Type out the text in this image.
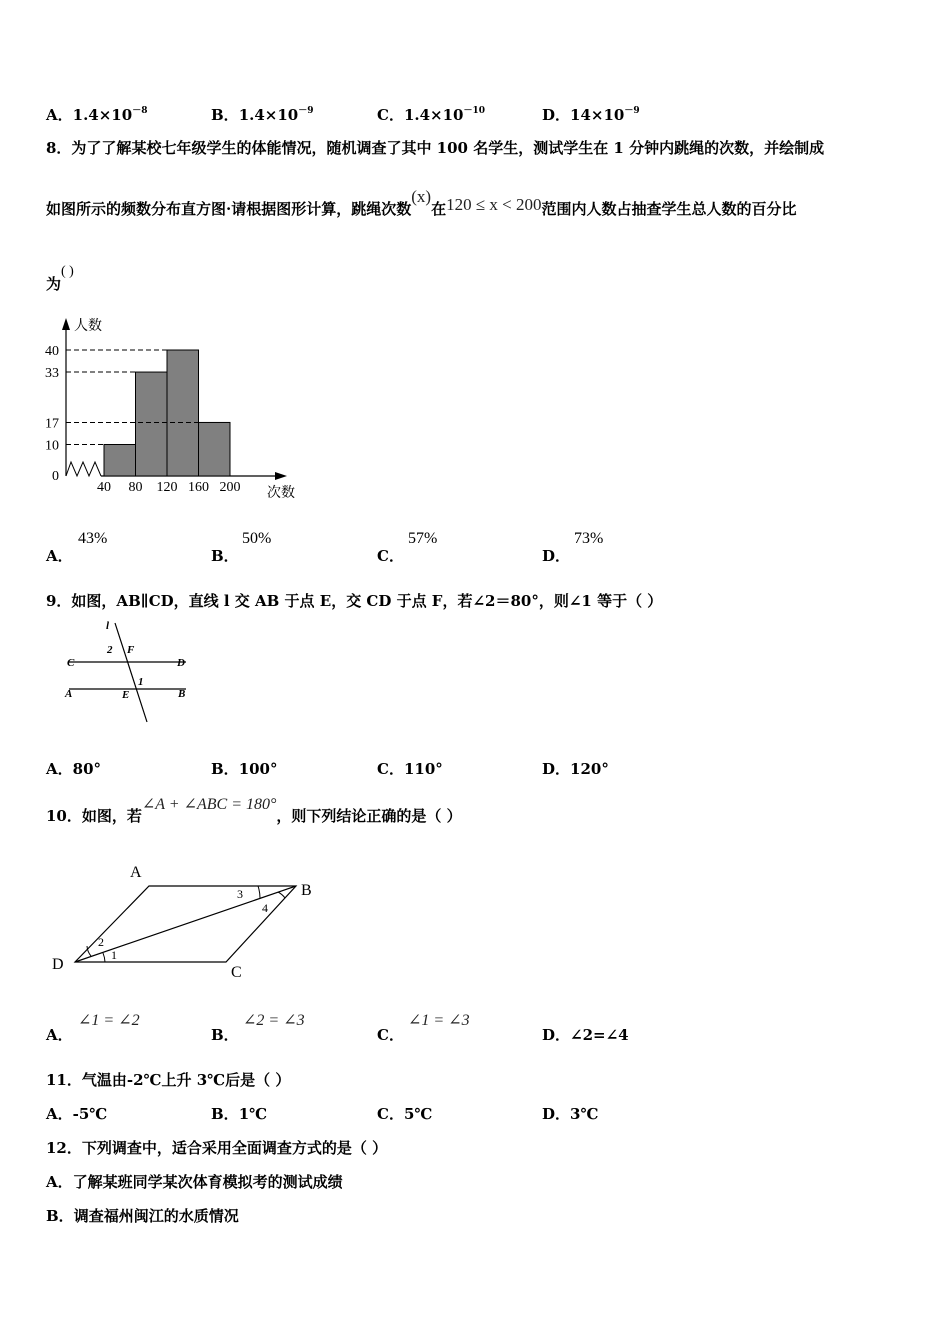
A．$1.4\times 10^{-8}$	B．$1.4\times 10^{-9}$	C．$1.4\times 10^{-10}$	D．$14\times 10^{-9}$
8．为了了解某校七年级学生的体能情况，随机调查了其中 100 名学生，测试学生在 1 分钟内跳绳的次数，并绘制成
如图所示的频数分布直方图·请根据图形计算，跳绳次数(x)在120 ≤ x < 200范围内人数占抽查学生总人数的百分比
为( )
人数
次数
0
10
17
33
40
40 80 120 160 200
A．
43%
B．
50%
C．
57%
D．
73%
9．如图，AB∥CD，直线 l 交 AB 于点 E，交 CD 于点 F，若∠2＝80°，则∠1 等于（ ）
l
2 F
C	D
1
A	E	B
A．80°	B．100°	C．110°	D．120°
10．如图，若∠A + ∠ABC = 180°，则下列结论正确的是（ ）
A
B
C
D
3
4
2
1
A．
∠1 = ∠2
B．
∠2 = ∠3
C．
∠1 = ∠3
D．∠2=∠4
11．气温由-2℃上升 3℃后是（ ）
A．-5℃	B．1℃	C．5℃	D．3℃
12．下列调查中，适合采用全面调查方式的是（ ）
A．了解某班同学某次体育模拟考的测试成绩
B．调查福州闽江的水质情况
